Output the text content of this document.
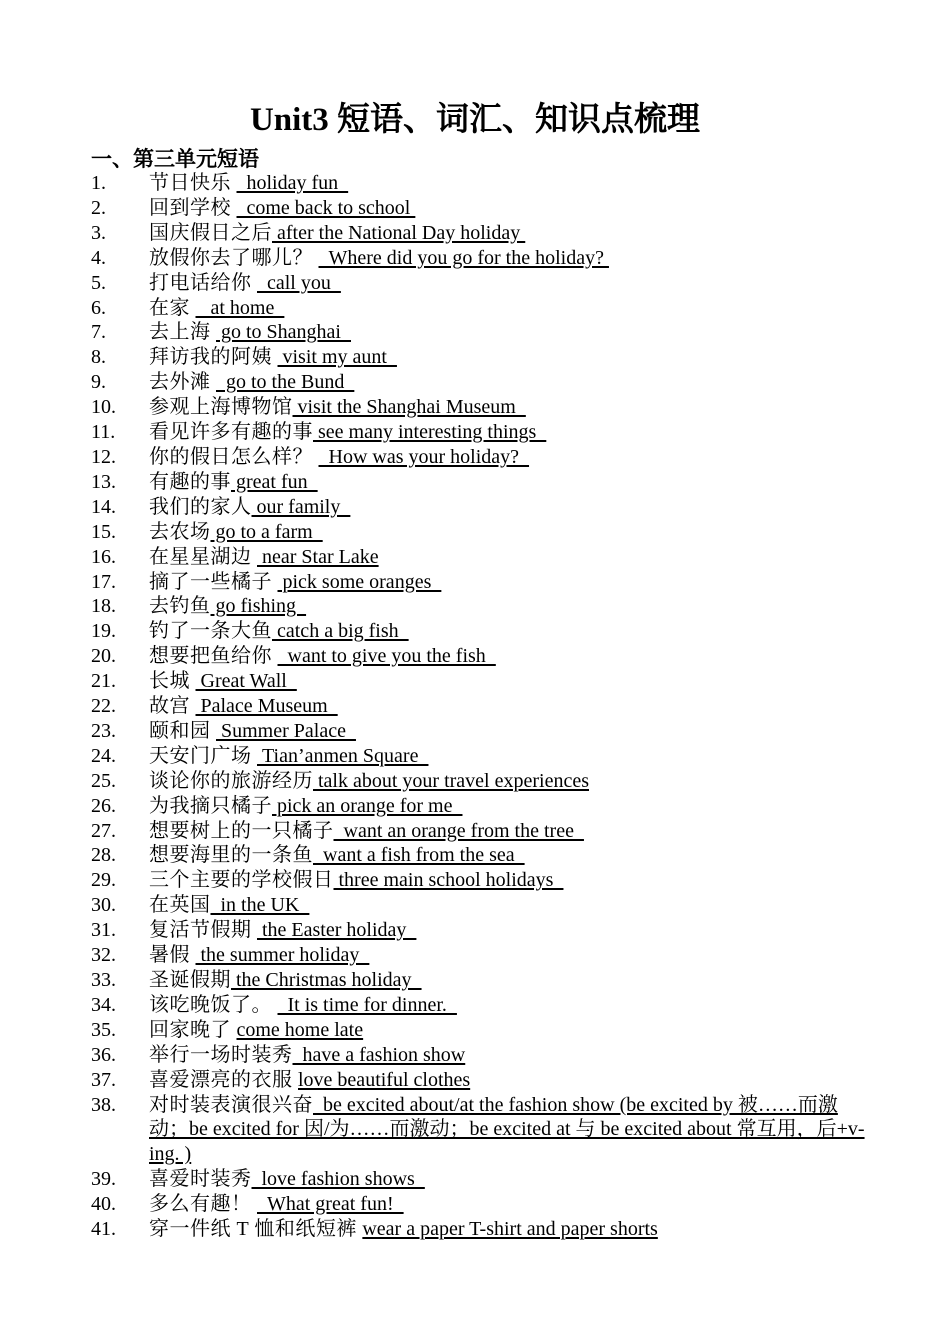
Unit3 短语、词汇、知识点梳理
一、第三单元短语
1.	节日快乐   holiday fun
2.	回到学校   come back to school
3.	国庆假日之后 after the National Day holiday
4.	放假你去了哪儿？   Where did you go for the holiday?
5.	打电话给你   call you
6.	在家    at home
7.	去上海  go to Shanghai
8.	拜访我的阿姨  visit my aunt
9.	去外滩   go to the Bund
10.	参观上海博物馆 visit the Shanghai Museum
11.	看见许多有趣的事 see many interesting things
12.	你的假日怎么样？   How was your holiday?
13.	有趣的事 great fun
14.	我们的家人 our family
15.	去农场 go to a farm
16.	在星星湖边  near Star Lake
17.	摘了一些橘子  pick some oranges
18.	去钓鱼 go fishing
19.	钓了一条大鱼 catch a big fish
20.	想要把鱼给你   want to give you the fish
21.	长城  Great Wall
22.	故宫  Palace Museum
23.	颐和园  Summer Palace
24.	天安门广场  Tian’anmen Square
25.	谈论你的旅游经历 talk about your travel experiences
26.	为我摘只橘子 pick an orange for me
27.	想要树上的一只橘子  want an orange from the tree
28.	想要海里的一条鱼  want a fish from the sea
29.	三个主要的学校假日 three main school holidays
30.	在英国  in the UK
31.	复活节假期  the Easter holiday
32.	暑假  the summer holiday
33.	圣诞假期 the Christmas holiday
34.	该吃晚饭了。   It is time for dinner.
35.	回家晚了 come home late
36.	举行一场时装秀  have a fashion show
37.	喜爱漂亮的衣服 love beautiful clothes
38.	对时装表演很兴奋  be excited about/at the fashion show (be excited by 被……而激动；be excited for 因/为……而激动；be excited at 与 be excited about 常互用，后+v-ing. )
39.	喜爱时装秀  love fashion shows
40.	多么有趣！   What great fun!
41.	穿一件纸 T 恤和纸短裤 wear a paper T-shirt and paper shorts
